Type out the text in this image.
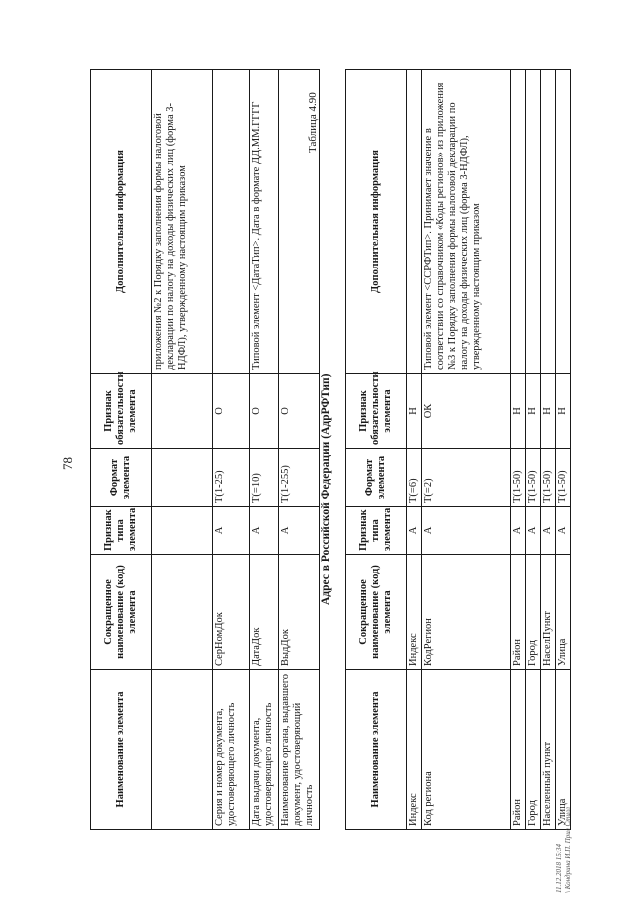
78
Наименование элемента	Сокращенное наименование (код) элемента	Признак типа элемента	Формат элемента	Признак обязательности элемента	Дополнительная информация
					приложения №2 к Порядку заполнения формы налоговой декларации по налогу на доходы физических лиц (форма 3-НДФЛ), утвержденному настоящим приказом
Серия и номер документа, удостоверяющего личность	СерНомДок	А	Т(1-25)	О	
Дата выдачи документа, удостоверяющего личность	ДатаДок	А	Т(=10)	О	Типовой элемент <ДатаТип>. Дата в формате ДД.ММ.ГГГГ
Наименование органа, выдавшего документ, удостоверяющий личность	ВыдДок	А	Т(1-255)	О	
Таблица 4.90
Адрес в Российской Федерации (АдрРФТип)
Наименование элемента	Сокращенное наименование (код) элемента	Признак типа элемента	Формат элемента	Признак обязательности элемента	Дополнительная информация
Индекс	Индекс	А	Т(=6)	Н	
Код региона	КодРегион	А	Т(=2)	ОК	Типовой элемент <ССРФТип>. Принимает значение в соответствии со справочником «Коды регионов» из приложения №3 к Порядку заполнения формы налоговой декларации по налогу на доходы физических лиц (форма 3-НДФЛ), утвержденному настоящим приказом
Район	Район	А	Т(1-50)	Н	
Город	Город	А	Т(1-50)	Н	
Населенный пункт	НаселПункт	А	Т(1-50)	Н	
Улица	Улица	А	Т(1-50)	Н	
11.12.2018 15:34 \ Кондрина И.П. Прил Стилл
